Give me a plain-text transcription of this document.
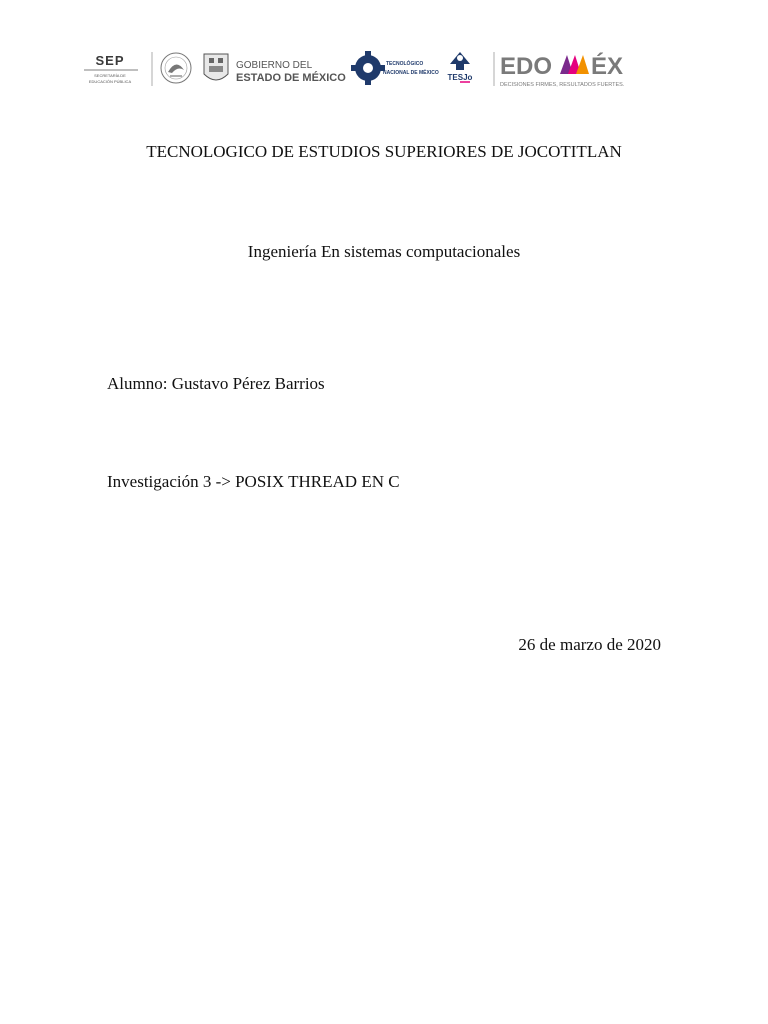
SEP
SECRETARÍA DE
EDUCACIÓN PÚBLICA
GOBIERNO DEL
ESTADO DE MÉXICO
TECNOLÓGICO
NACIONAL DE MÉXICO TESJo EDO ÉX
DECISIONES FIRMES, RESULTADOS FUERTES.
TECNOLOGICO DE ESTUDIOS SUPERIORES DE JOCOTITLAN
Ingeniería En sistemas computacionales
Alumno: Gustavo Pérez Barrios
Investigación 3 -> POSIX THREAD EN C
26 de marzo de 2020
